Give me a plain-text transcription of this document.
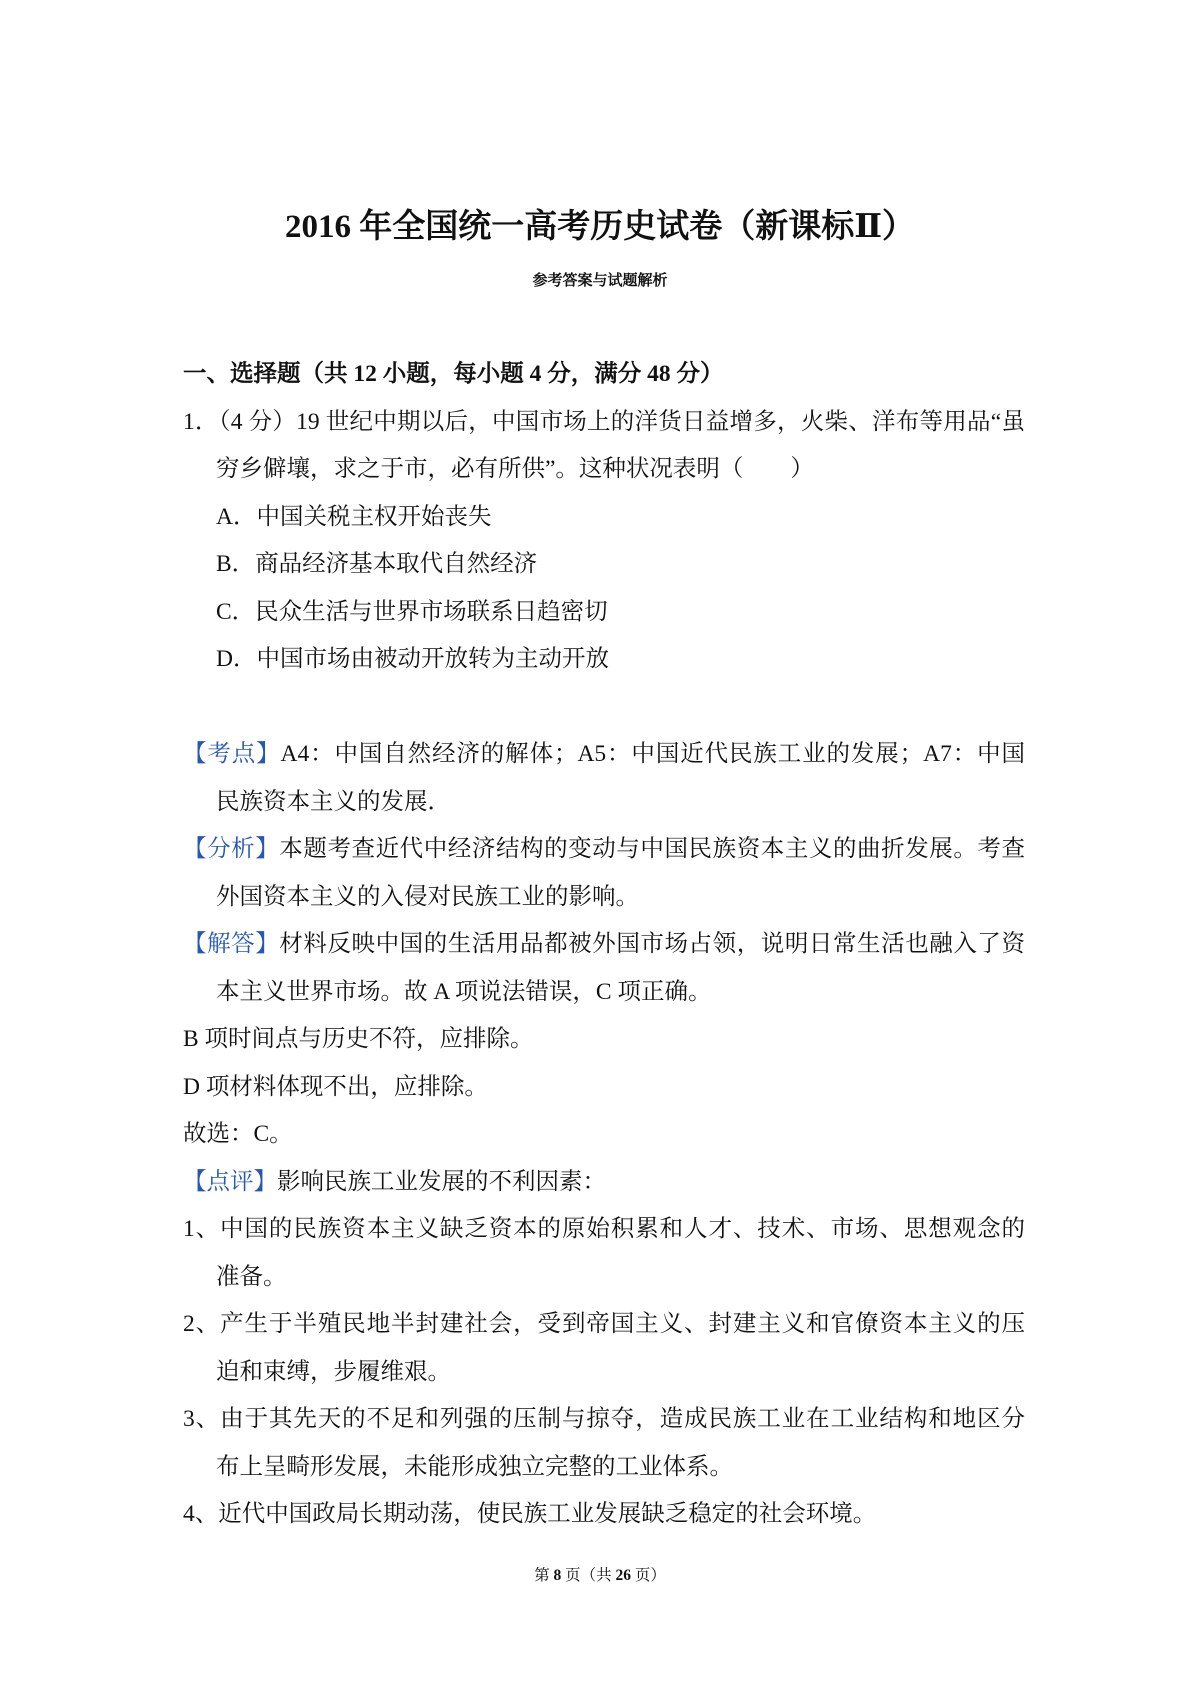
2016 年全国统一高考历史试卷（新课标Ⅱ）
参考答案与试题解析
一、选择题（共 12 小题，每小题 4 分，满分 48 分）
1．（4 分）19 世纪中期以后，中国市场上的洋货日益增多，火柴、洋布等用品“虽
穷乡僻壤，求之于市，必有所供”。这种状况表明（　　）
A．中国关税主权开始丧失
B．商品经济基本取代自然经济
C．民众生活与世界市场联系日趋密切
D．中国市场由被动开放转为主动开放
【考点】A4：中国自然经济的解体；A5：中国近代民族工业的发展；A7：中国
民族资本主义的发展．
【分析】本题考查近代中经济结构的变动与中国民族资本主义的曲折发展。考查
外国资本主义的入侵对民族工业的影响。
【解答】材料反映中国的生活用品都被外国市场占领，说明日常生活也融入了资
本主义世界市场。故 A 项说法错误，C 项正确。
B 项时间点与历史不符，应排除。
D 项材料体现不出，应排除。
故选：C。
【点评】影响民族工业发展的不利因素：
1、中国的民族资本主义缺乏资本的原始积累和人才、技术、市场、思想观念的
准备。
2、产生于半殖民地半封建社会，受到帝国主义、封建主义和官僚资本主义的压
迫和束缚，步履维艰。
3、由于其先天的不足和列强的压制与掠夺，造成民族工业在工业结构和地区分
布上呈畸形发展，未能形成独立完整的工业体系。
4、近代中国政局长期动荡，使民族工业发展缺乏稳定的社会环境。
第 8 页（共 26 页）
